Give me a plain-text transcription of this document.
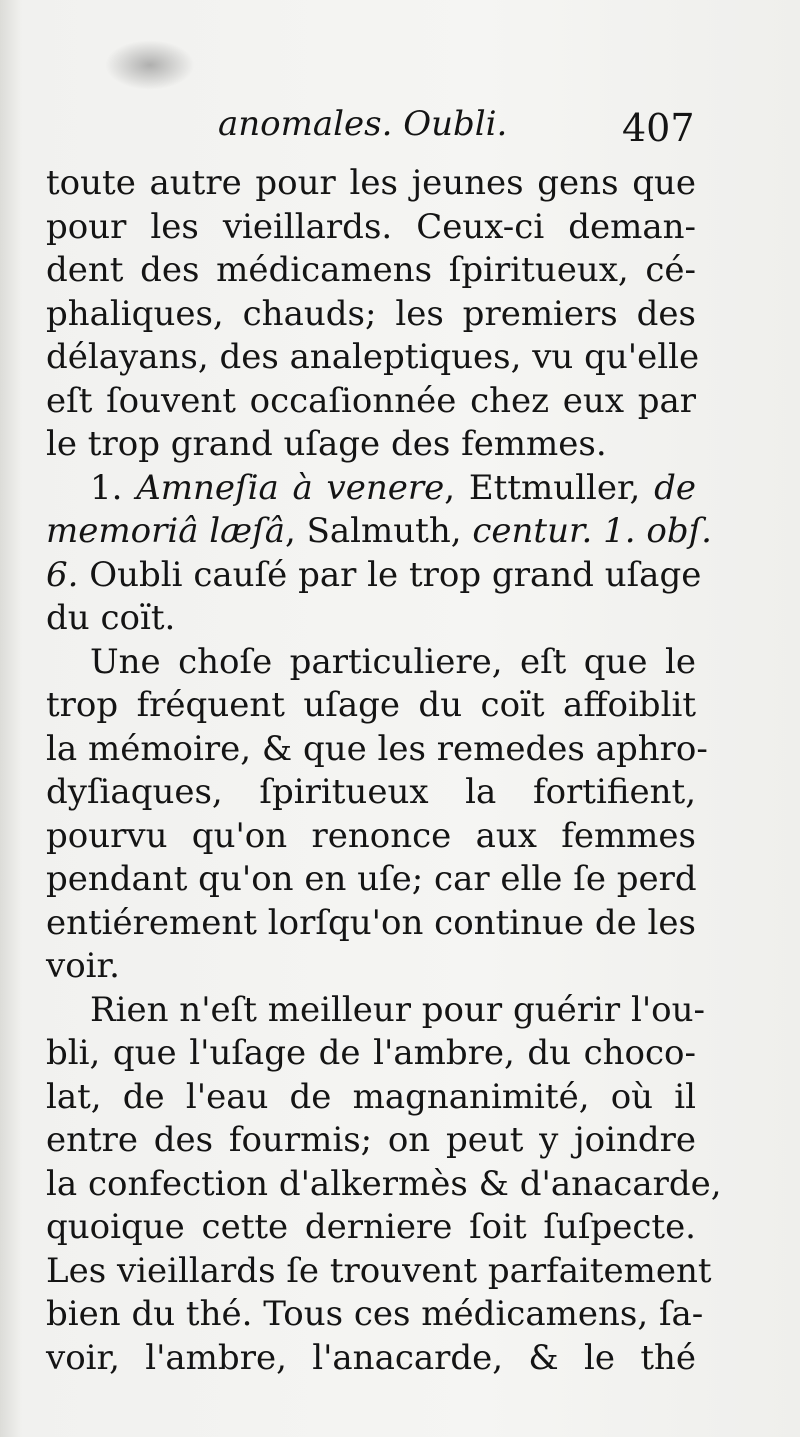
anomales. Oubli.	407
toute autre pour les jeunes gens que
pour les vieillards. Ceux-ci deman-
dent des médicamens ſpiritueux, cé-
phaliques, chauds; les premiers des
délayans, des analeptiques, vu qu'elle
eſt ſouvent occaſionnée chez eux par
le trop grand uſage des femmes.
1. Amneſia à venere, Ettmuller, de
memoriâ læſâ, Salmuth, centur. 1. obſ.
6. Oubli cauſé par le trop grand uſage
du coït.
Une choſe particuliere, eſt que le
trop fréquent uſage du coït affoiblit
la mémoire, & que les remedes aphro-
dyſiaques, ſpiritueux la fortifient,
pourvu qu'on renonce aux femmes
pendant qu'on en uſe; car elle ſe perd
entiérement lorſqu'on continue de les
voir.
Rien n'eſt meilleur pour guérir l'ou-
bli, que l'uſage de l'ambre, du choco-
lat, de l'eau de magnanimité, où il
entre des fourmis; on peut y joindre
la confection d'alkermès & d'anacarde,
quoique cette derniere ſoit ſuſpecte.
Les vieillards ſe trouvent parfaitement
bien du thé. Tous ces médicamens, ſa-
voir, l'ambre, l'anacarde, & le thé
